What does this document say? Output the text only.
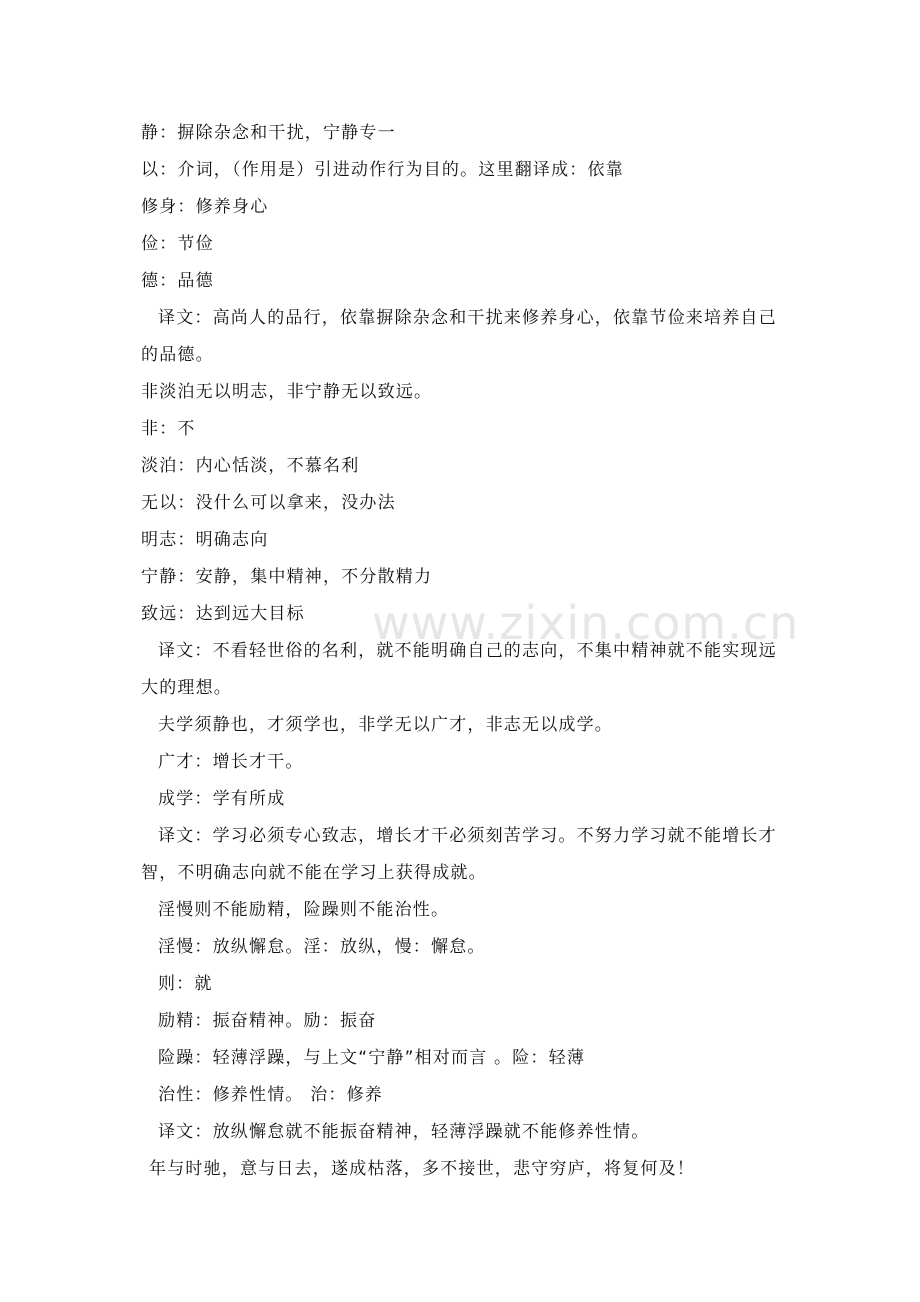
静：摒除杂念和干扰，宁静专一
以：介词，（作用是）引进动作行为目的。这里翻译成：依靠
修身：修养身心
俭：节俭
德：品德
译文：高尚人的品行，依靠摒除杂念和干扰来修养身心，依靠节俭来培养自己
的品德。
非淡泊无以明志，非宁静无以致远。
非：不
淡泊：内心恬淡，不慕名利
无以：没什么可以拿来，没办法
明志：明确志向
宁静：安静，集中精神，不分散精力
致远：达到远大目标
译文：不看轻世俗的名利，就不能明确自己的志向，不集中精神就不能实现远
大的理想。
夫学须静也，才须学也，非学无以广才，非志无以成学。
广才：增长才干。
成学：学有所成
译文：学习必须专心致志，增长才干必须刻苦学习。不努力学习就不能增长才
智，不明确志向就不能在学习上获得成就。
淫慢则不能励精，险躁则不能治性。
淫慢：放纵懈怠。淫：放纵，慢：懈怠。
则：就
励精：振奋精神。励：振奋
险躁：轻薄浮躁，与上文“宁静”相对而言 。险：轻薄
治性：修养性情。 治：修养
译文：放纵懈怠就不能振奋精神，轻薄浮躁就不能修养性情。
年与时驰，意与日去，遂成枯落，多不接世，悲守穷庐，将复何及！
www.zixin.com.cn
